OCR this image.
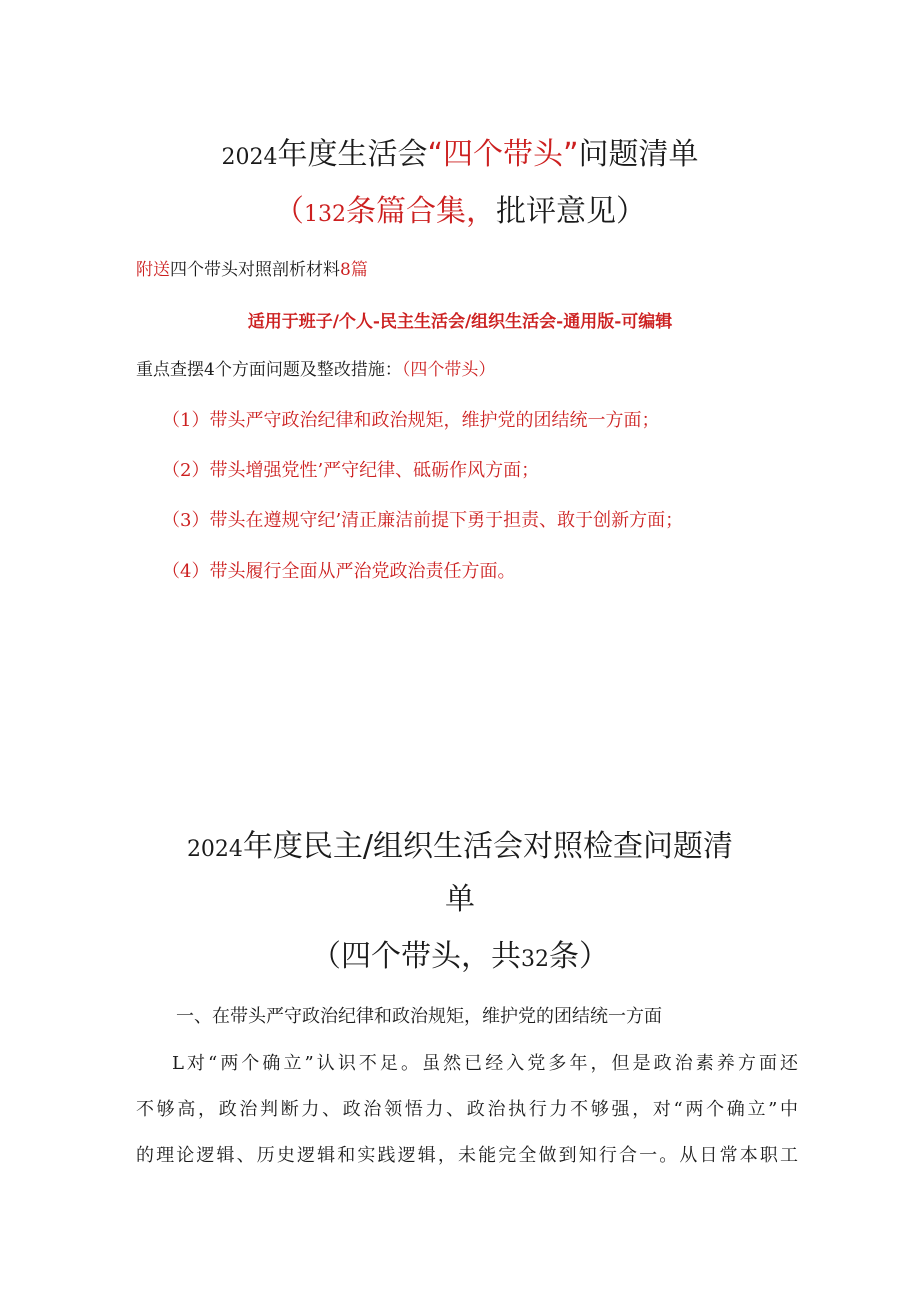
2024年度生活会“四个带头”问题清单
（132条篇合集，批评意见）
附送四个带头对照剖析材料8篇
适用于班子/个人-民主生活会/组织生活会-通用版-可编辑
重点查摆4个方面问题及整改措施：（四个带头）
（1）带头严守政治纪律和政治规矩，维护党的团结统一方面；
（2）带头增强党性’严守纪律、砥砺作风方面；
（3）带头在遵规守纪’清正廉洁前提下勇于担责、敢于创新方面；
（4）带头履行全面从严治党政治责任方面。
2024年度民主/组织生活会对照检查问题清
单
（四个带头，共32条）
一、在带头严守政治纪律和政治规矩，维护党的团结统一方面
L对“两个确立”认识不足。虽然已经入党多年，但是政治素养方面还
不够高，政治判断力、政治领悟力、政治执行力不够强，对“两个确立”中
的理论逻辑、历史逻辑和实践逻辑，未能完全做到知行合一。从日常本职工
